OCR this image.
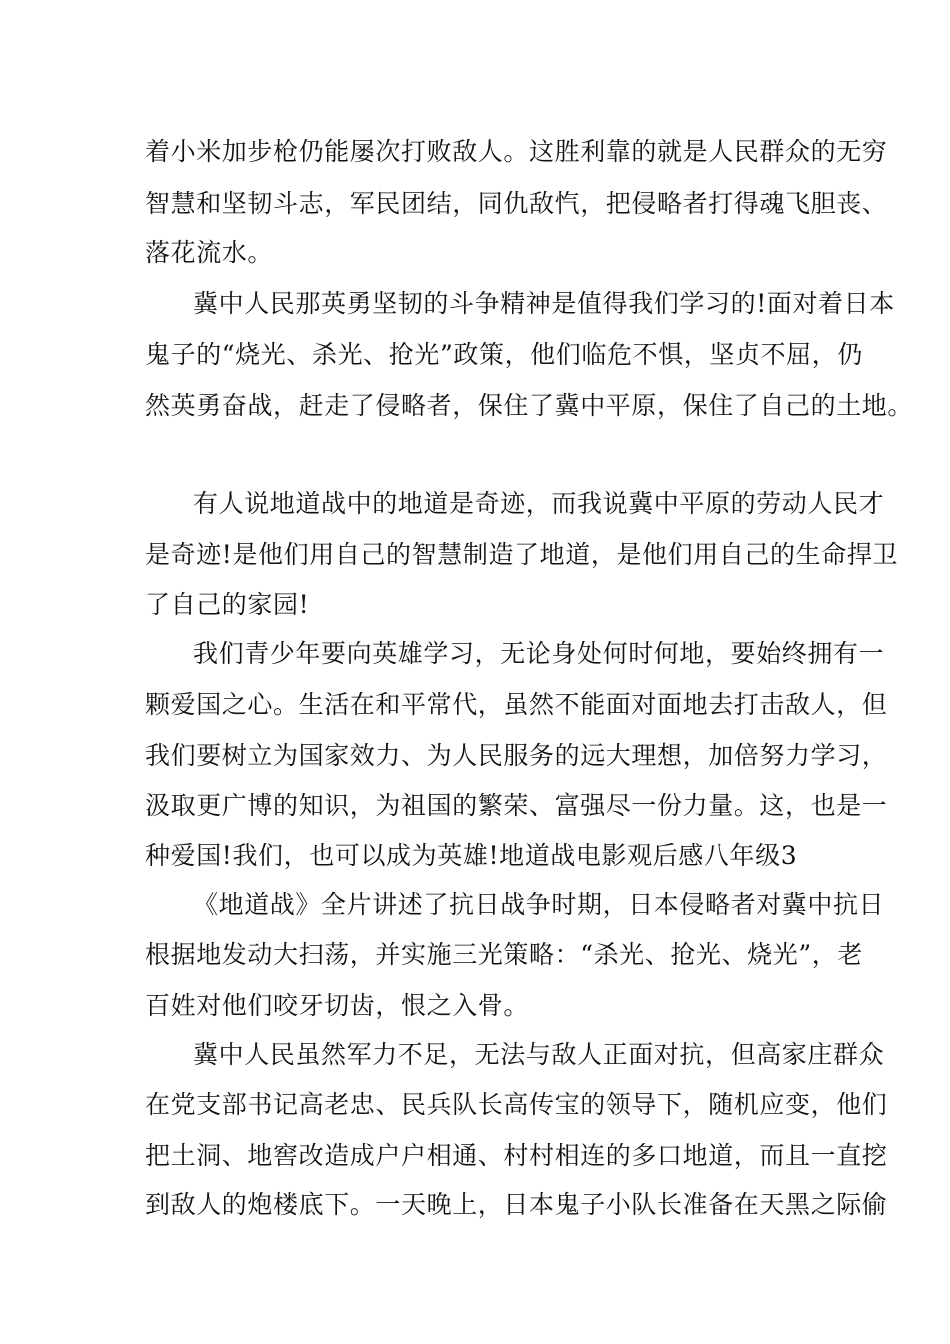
着小米加步枪仍能屡次打败敌人。这胜利靠的就是人民群众的无穷
智慧和坚韧斗志，军民团结，同仇敌忾，把侵略者打得魂飞胆丧、
落花流水。
冀中人民那英勇坚韧的斗争精神是值得我们学习的!面对着日本
鬼子的“烧光、杀光、抢光”政策，他们临危不惧，坚贞不屈，仍
然英勇奋战，赶走了侵略者，保住了冀中平原，保住了自己的土地。
有人说地道战中的地道是奇迹，而我说冀中平原的劳动人民才
是奇迹!是他们用自己的智慧制造了地道，是他们用自己的生命捍卫
了自己的家园!
我们青少年要向英雄学习，无论身处何时何地，要始终拥有一
颗爱国之心。生活在和平常代，虽然不能面对面地去打击敌人，但
我们要树立为国家效力、为人民服务的远大理想，加倍努力学习，
汲取更广博的知识，为祖国的繁荣、富强尽一份力量。这，也是一
种爱国!我们，也可以成为英雄!地道战电影观后感八年级3
《地道战》全片讲述了抗日战争时期，日本侵略者对冀中抗日
根据地发动大扫荡，并实施三光策略：“杀光、抢光、烧光”，老
百姓对他们咬牙切齿，恨之入骨。
冀中人民虽然军力不足，无法与敌人正面对抗，但高家庄群众
在党支部书记高老忠、民兵队长高传宝的领导下，随机应变，他们
把土洞、地窖改造成户户相通、村村相连的多口地道，而且一直挖
到敌人的炮楼底下。一天晚上，日本鬼子小队长准备在天黑之际偷
